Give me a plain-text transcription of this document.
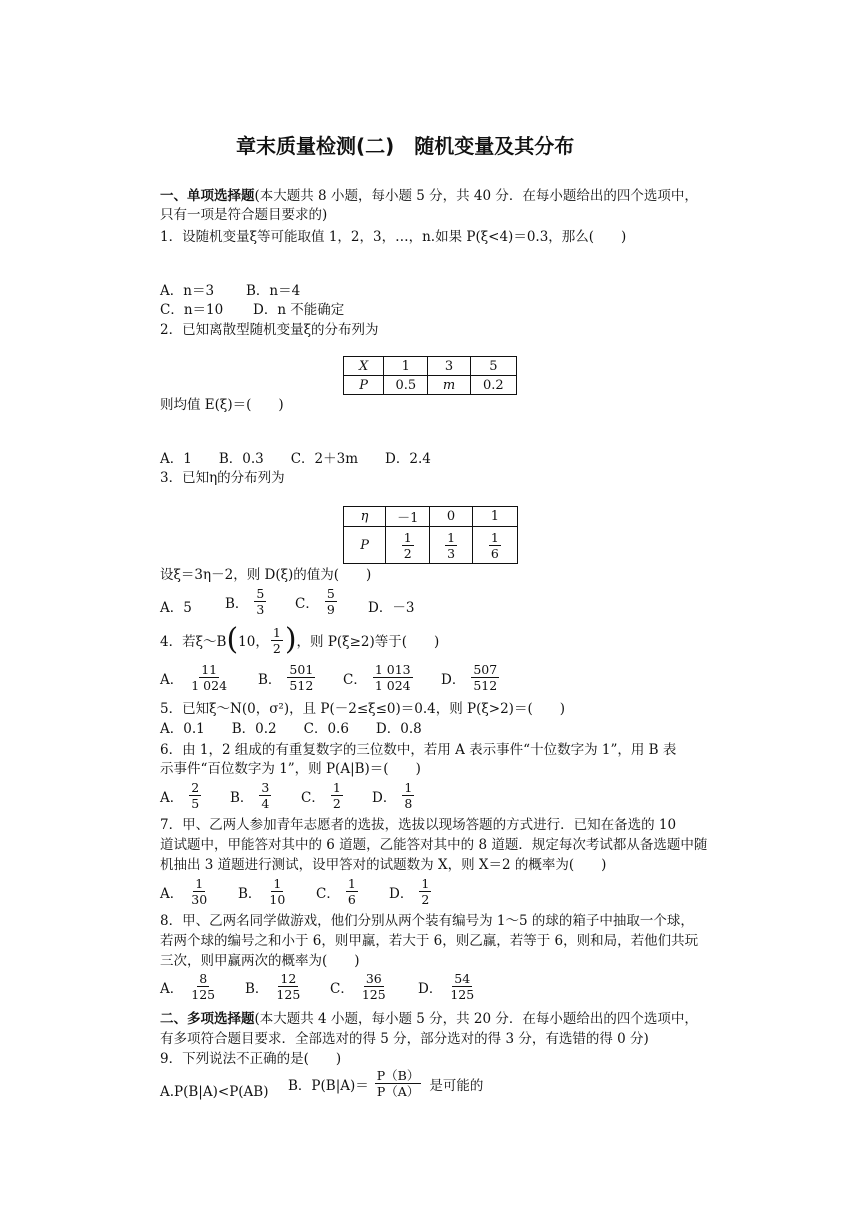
章末质量检测(二)　随机变量及其分布
一、单项选择题(本大题共 8 小题，每小题 5 分，共 40 分．在每小题给出的四个选项中，
只有一项是符合题目要求的)
1．设随机变量ξ等可能取值 1，2，3，…，n.如果 P(ξ<4)＝0.3，那么(　　)
A．n＝3 B．n＝4
C．n＝10 D．n 不能确定
2．已知离散型随机变量ξ的分布列为
X	1	3	5
P	0.5	m	0.2
则均值 E(ξ)＝(　　)
A．1　　B．0.3　　C．2＋3m　　D．2.4
3．已知η的分布列为
η	－1	0	1
P	$\frac{1}{2}$	$\frac{1}{3}$	$\frac{1}{6}$
设ξ＝3η－2，则 D(ξ)的值为(　　)
A．5 B． $\frac{5}{3}$ C． $\frac{5}{9}$ D．－3
4．若ξ～B ( 10， $\frac{1}{2}$ ) ，则 P(ξ≥2)等于(　　)
A． $\frac{11}{1 024}$ B． $\frac{501}{512}$ C． $\frac{1 013}{1 024}$ D． $\frac{507}{512}$
5．已知ξ～N(0，σ²)，且 P(－2≤ξ≤0)＝0.4，则 P(ξ>2)＝(　　)
A．0.1　　B．0.2　　C．0.6　　D．0.8
6．由 1，2 组成的有重复数字的三位数中，若用 A 表示事件“十位数字为 1”，用 B 表
示事件“百位数字为 1”，则 P(A|B)＝(　　)
A． $\frac{2}{5}$ B． $\frac{3}{4}$ C． $\frac{1}{2}$ D． $\frac{1}{8}$
7．甲、乙两人参加青年志愿者的选拔，选拔以现场答题的方式进行．已知在备选的 10
道试题中，甲能答对其中的 6 道题，乙能答对其中的 8 道题．规定每次考试都从备选题中随
机抽出 3 道题进行测试，设甲答对的试题数为 X，则 X＝2 的概率为(　　)
A． $\frac{1}{30}$ B． $\frac{1}{10}$ C． $\frac{1}{6}$ D． $\frac{1}{2}$
8．甲、乙两名同学做游戏，他们分别从两个装有编号为 1～5 的球的箱子中抽取一个球，
若两个球的编号之和小于 6，则甲赢，若大于 6，则乙赢，若等于 6，则和局，若他们共玩
三次，则甲赢两次的概率为(　　)
A． $\frac{8}{125}$ B． $\frac{12}{125}$ C． $\frac{36}{125}$ D． $\frac{54}{125}$
二、多项选择题(本大题共 4 小题，每小题 5 分，共 20 分．在每小题给出的四个选项中，
有多项符合题目要求．全部选对的得 5 分，部分选对的得 3 分，有选错的得 0 分)
9．下列说法不正确的是(　　)
A.P(B|A)<P(AB) B．$P(B|A)= \frac{P(B)}{P(A)}$ 是可能的
